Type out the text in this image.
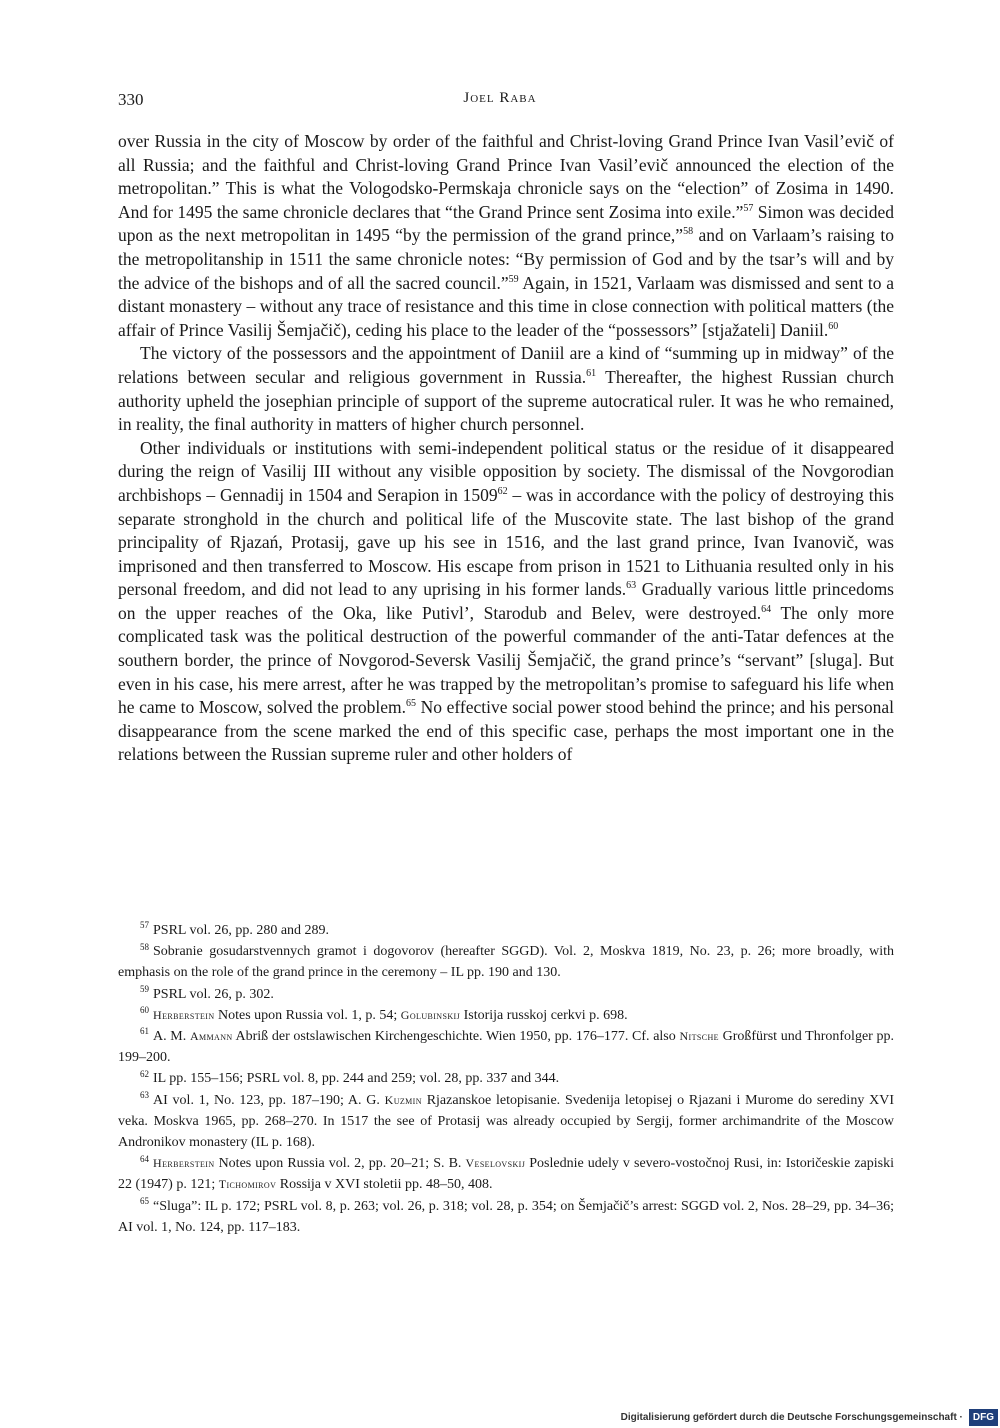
330	Joel Raba

over Russia in the city of Moscow by order of the faithful and Christ-loving Grand Prince Ivan Vasil’evič of all Russia; and the faithful and Christ-loving Grand Prince Ivan Vasil’evič announced the election of the metropolitan.” This is what the Vologodsko-Permskaja chronicle says on the “election” of Zosima in 1490. And for 1495 the same chronicle declares that “the Grand Prince sent Zosima into exile.”$^{57}$ Simon was decided upon as the next metropolitan in 1495 “by the permission of the grand prince,”$^{58}$ and on Varlaam’s raising to the metropolitanship in 1511 the same chronicle notes: “By permission of God and by the tsar’s will and by the advice of the bishops and of all the sacred council.”$^{59}$ Again, in 1521, Varlaam was dismissed and sent to a distant monastery – without any trace of resistance and this time in close connection with political matters (the affair of Prince Vasilij Šemjačič), ceding his place to the leader of the “possessors” [stjažateli] Daniil.$^{60}$

The victory of the possessors and the appointment of Daniil are a kind of “summing up in midway” of the relations between secular and religious government in Russia.$^{61}$ Thereafter, the highest Russian church authority upheld the josephian principle of support of the supreme autocratical ruler. It was he who remained, in reality, the final authority in matters of higher church personnel.

Other individuals or institutions with semi-independent political status or the residue of it disappeared during the reign of Vasilij III without any visible opposition by society. The dismissal of the Novgorodian archbishops – Gennadij in 1504 and Serapion in 1509$^{62}$ – was in accordance with the policy of destroying this separate stronghold in the church and political life of the Muscovite state. The last bishop of the grand principality of Rjazań, Protasij, gave up his see in 1516, and the last grand prince, Ivan Ivanovič, was imprisoned and then transferred to Moscow. His escape from prison in 1521 to Lithuania resulted only in his personal freedom, and did not lead to any uprising in his former lands.$^{63}$ Gradually various little princedoms on the upper reaches of the Oka, like Putivl’, Starodub and Belev, were destroyed.$^{64}$ The only more complicated task was the political destruction of the powerful commander of the anti-Tatar defences at the southern border, the prince of Novgorod-Seversk Vasilij Šemjačič, the grand prince’s “servant” [sluga]. But even in his case, his mere arrest, after he was trapped by the metropolitan’s promise to safeguard his life when he came to Moscow, solved the problem.$^{65}$ No effective social power stood behind the prince; and his personal disappearance from the scene marked the end of this specific case, perhaps the most important one in the relations between the Russian supreme ruler and other holders of

$^{57}$ PSRL vol. 26, pp. 280 and 289.

$^{58}$ Sobranie gosudarstvennych gramot i dogovorov (hereafter SGGD). Vol. 2, Moskva 1819, No. 23, p. 26; more broadly, with emphasis on the role of the grand prince in the ceremony – IL pp. 190 and 130.

$^{59}$ PSRL vol. 26, p. 302.

$^{60}$ Herberstein Notes upon Russia vol. 1, p. 54; Golubinskij Istorija russkoj cerkvi p. 698.

$^{61}$ A. M. Ammann Abriß der ostslawischen Kirchengeschichte. Wien 1950, pp. 176–177. Cf. also Nitsche Großfürst und Thronfolger pp. 199–200.

$^{62}$ IL pp. 155–156; PSRL vol. 8, pp. 244 and 259; vol. 28, pp. 337 and 344.

$^{63}$ AI vol. 1, No. 123, pp. 187–190; A. G. Kuzmin Rjazanskoe letopisanie. Svedenija letopisej o Rjazani i Murome do serediny XVI veka. Moskva 1965, pp. 268–270. In 1517 the see of Protasij was already occupied by Sergij, former archimandrite of the Moscow Andronikov monastery (IL p. 168).

$^{64}$ Herberstein Notes upon Russia vol. 2, pp. 20–21; S. B. Veselovskij Poslednie udely v severo-vostočnoj Rusi, in: Istoričeskie zapiski 22 (1947) p. 121; Tichomirov Rossija v XVI stoletii pp. 48–50, 408.

$^{65}$ “Sluga”: IL p. 172; PSRL vol. 8, p. 263; vol. 26, p. 318; vol. 28, p. 354; on Šemjačič’s arrest: SGGD vol. 2, Nos. 28–29, pp. 34–36; AI vol. 1, No. 124, pp. 117–183.

Digitalisierung gefördert durch die Deutsche Forschungsgemeinschaft ·	DFG
